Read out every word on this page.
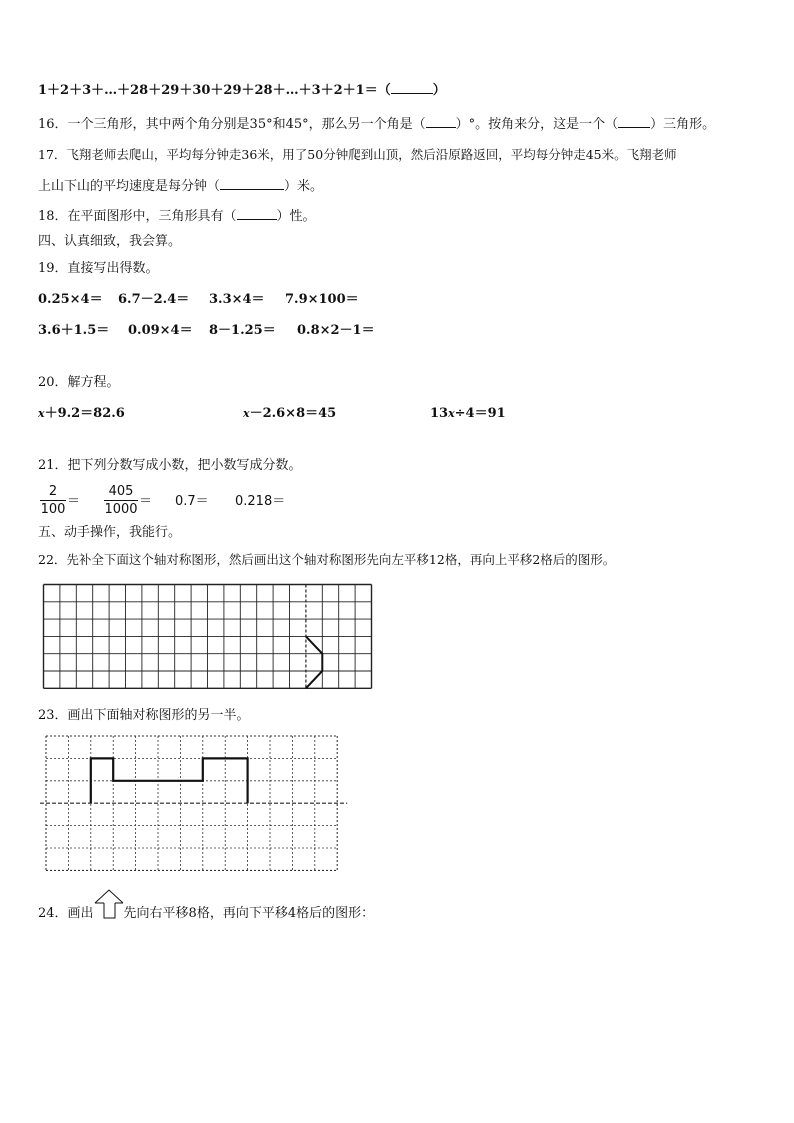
1＋2＋3＋…＋28＋29＋30＋29＋28＋…＋3＋2＋1＝（	）
16．一个三角形，其中两个角分别是35°和45°，那么另一个角是（ ）°。按角来分，这是一个（ ）三角形。
17．飞翔老师去爬山，平均每分钟走36米，用了50分钟爬到山顶，然后沿原路返回，平均每分钟走45米。飞翔老师
上山下山的平均速度是每分钟（	）米。
18．在平面图形中，三角形具有（	）性。
四、认真细致，我会算。
19．直接写出得数。
0.25×4＝ 6.7－2.4＝ 3.3×4＝ 7.9×100＝
3.6＋1.5＝ 0.09×4＝ 8－1.25＝ 0.8×2－1＝
20．解方程。
x＋9.2＝82.6	x－2.6×8＝45	13x÷4＝91
21．把下列分数写成小数，把小数写成分数。
$\frac{2}{100} = \frac{405}{1000} = 0.7= 0.218=$
五、动手操作，我能行。
22．先补全下面这个轴对称图形，然后画出这个轴对称图形先向左平移12格，再向上平移2格后的图形。
23．画出下面轴对称图形的另一半。
24．画出 先向右平移8格，再向下平移4格后的图形：
